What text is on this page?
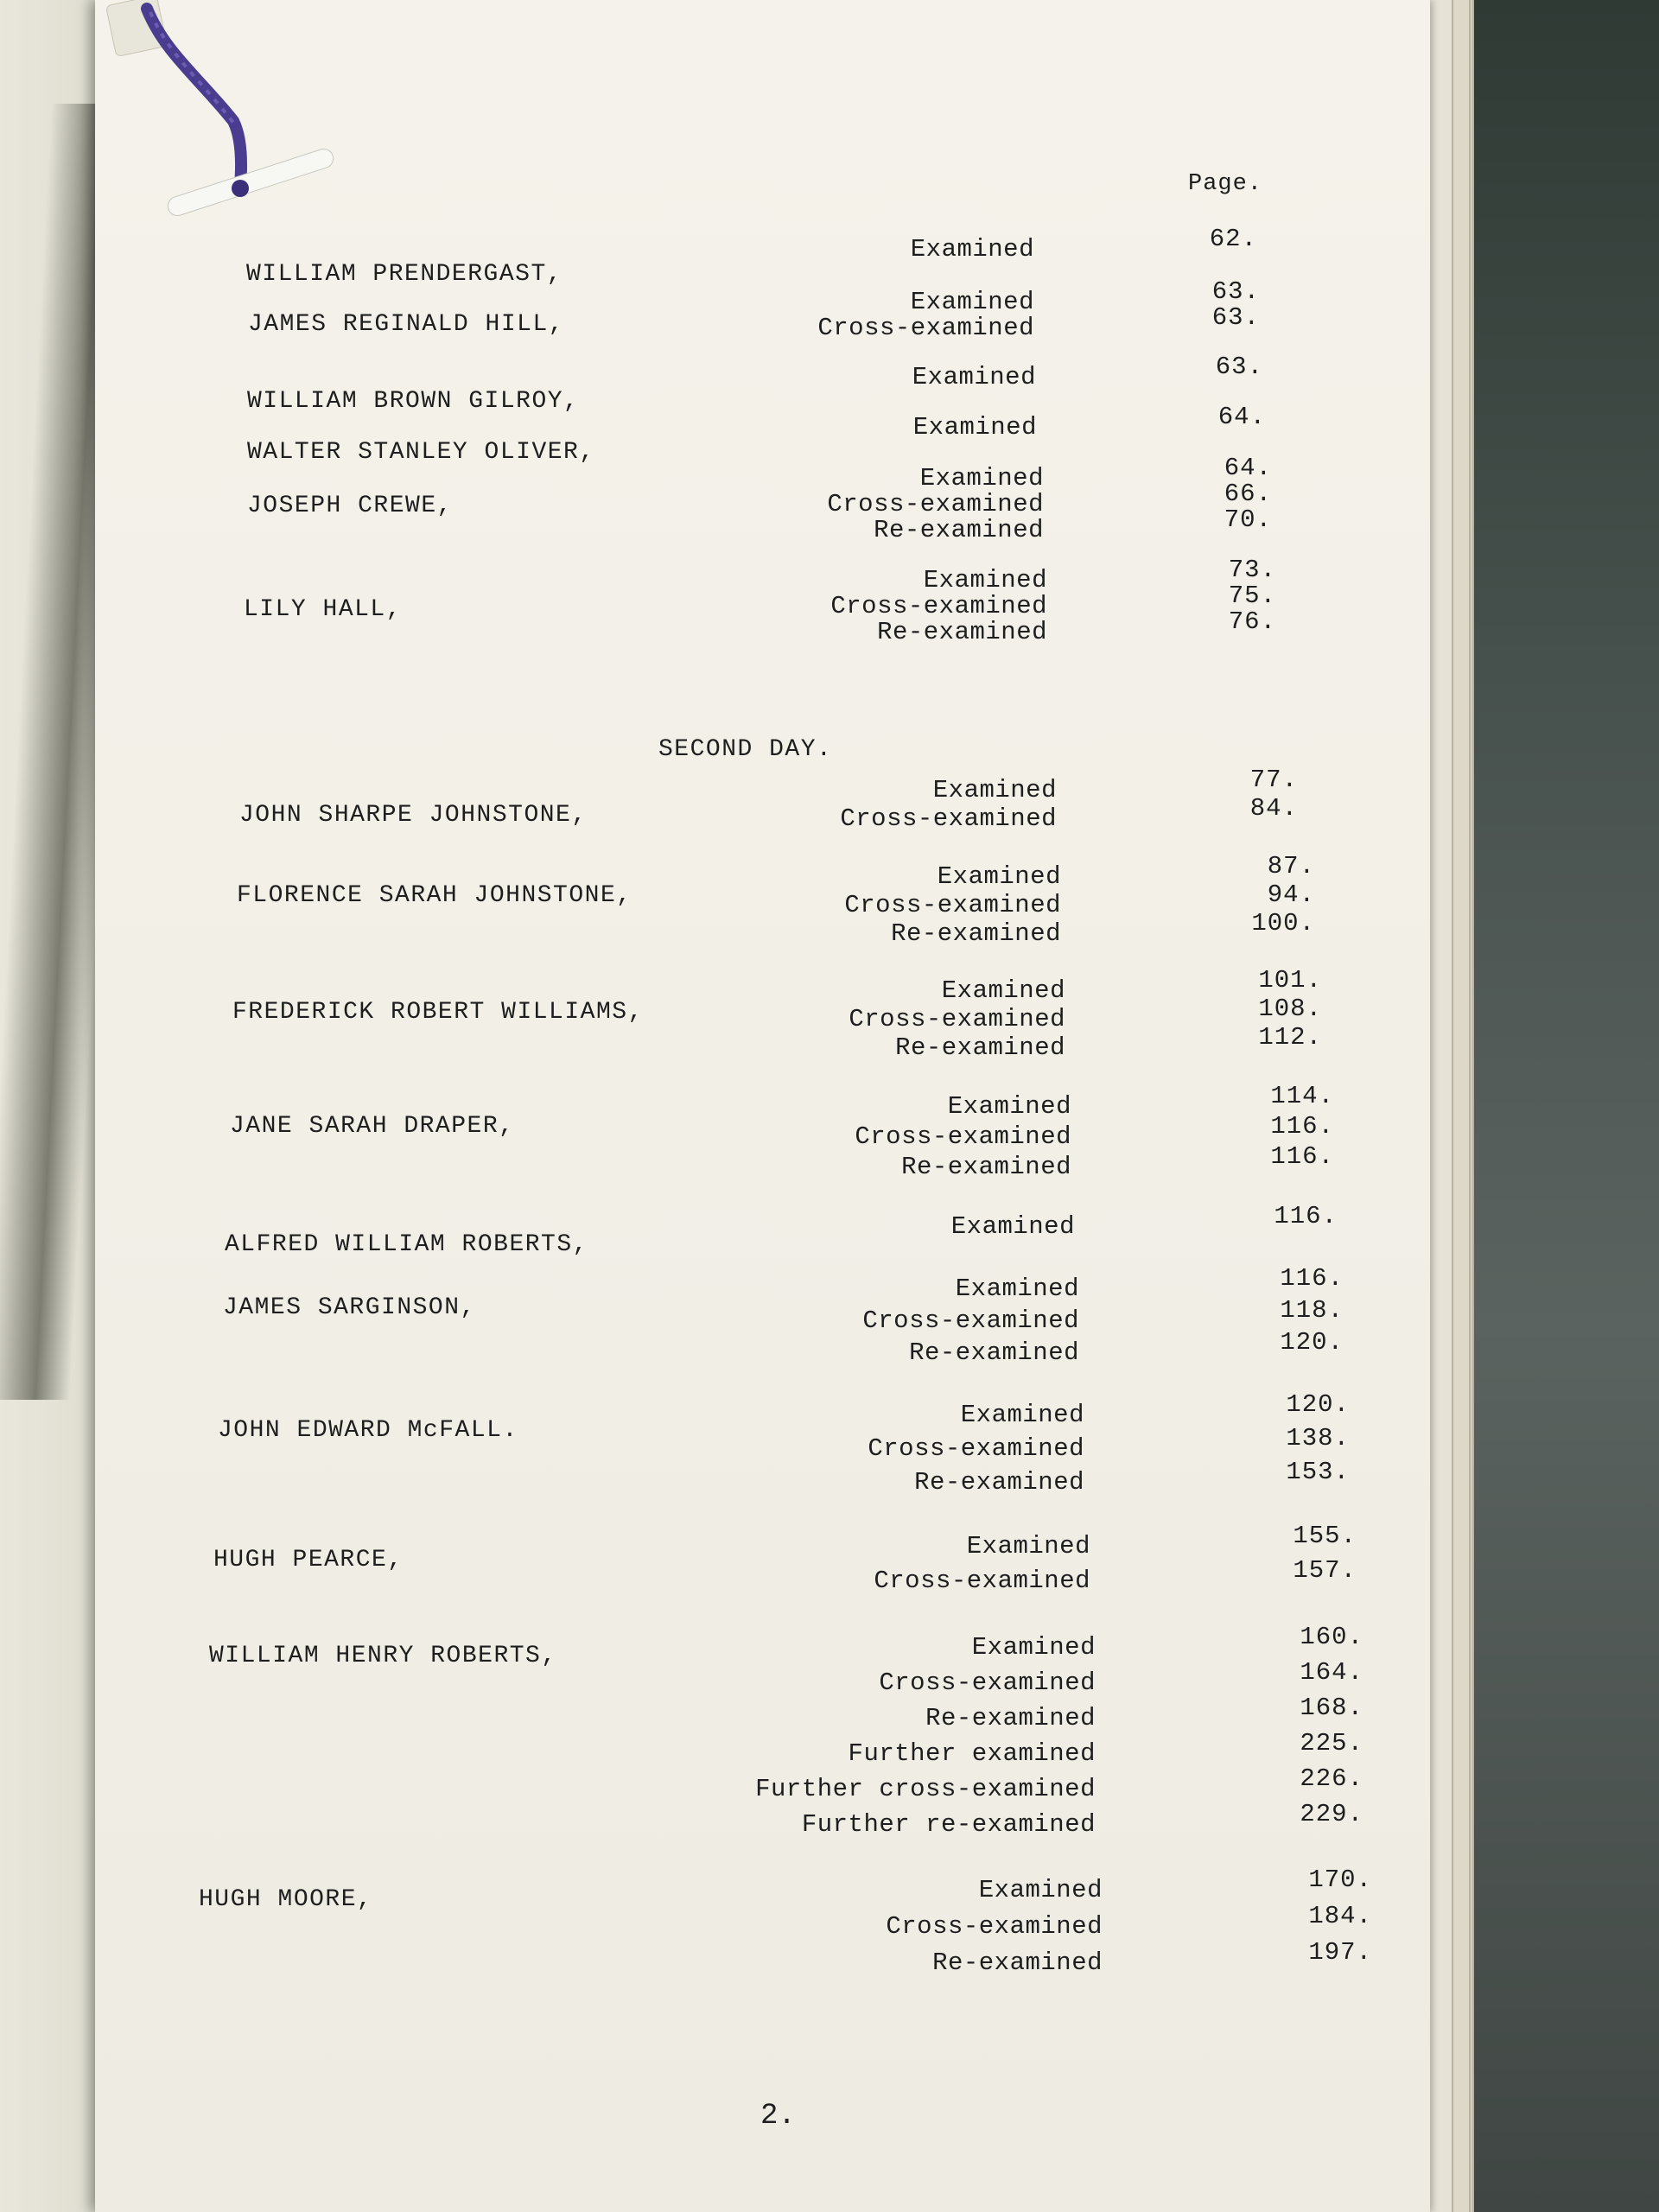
Page.
WILLIAM PRENDERGAST,
Examined	62.
JAMES REGINALD HILL,
Examined	63.
Cross-examined	63.
WILLIAM BROWN GILROY,
Examined	63.
WALTER STANLEY OLIVER,
Examined	64.
JOSEPH CREWE,
Examined	64.
Cross-examined	66.
Re-examined	70.
LILY HALL,
Examined	73.
Cross-examined	75.
Re-examined	76.
SECOND DAY.
JOHN SHARPE JOHNSTONE,
Examined	77.
Cross-examined	84.
FLORENCE SARAH JOHNSTONE,
Examined	87.
Cross-examined	94.
Re-examined	100.
FREDERICK ROBERT WILLIAMS,
Examined	101.
Cross-examined	108.
Re-examined	112.
JANE SARAH DRAPER,
Examined	114.
Cross-examined	116.
Re-examined	116.
ALFRED WILLIAM ROBERTS,
Examined	116.
JAMES SARGINSON,
Examined	116.
Cross-examined	118.
Re-examined	120.
JOHN EDWARD McFALL.
Examined	120.
Cross-examined	138.
Re-examined	153.
HUGH PEARCE,	Examined	155.
Cross-examined	157.
WILLIAM HENRY ROBERTS,	Examined	160.
Cross-examined	164.
Re-examined	168.
Further examined	225.
Further cross-examined	226.
Further re-examined	229.
HUGH MOORE,	Examined	170.
Cross-examined	184.
Re-examined	197.
2.
